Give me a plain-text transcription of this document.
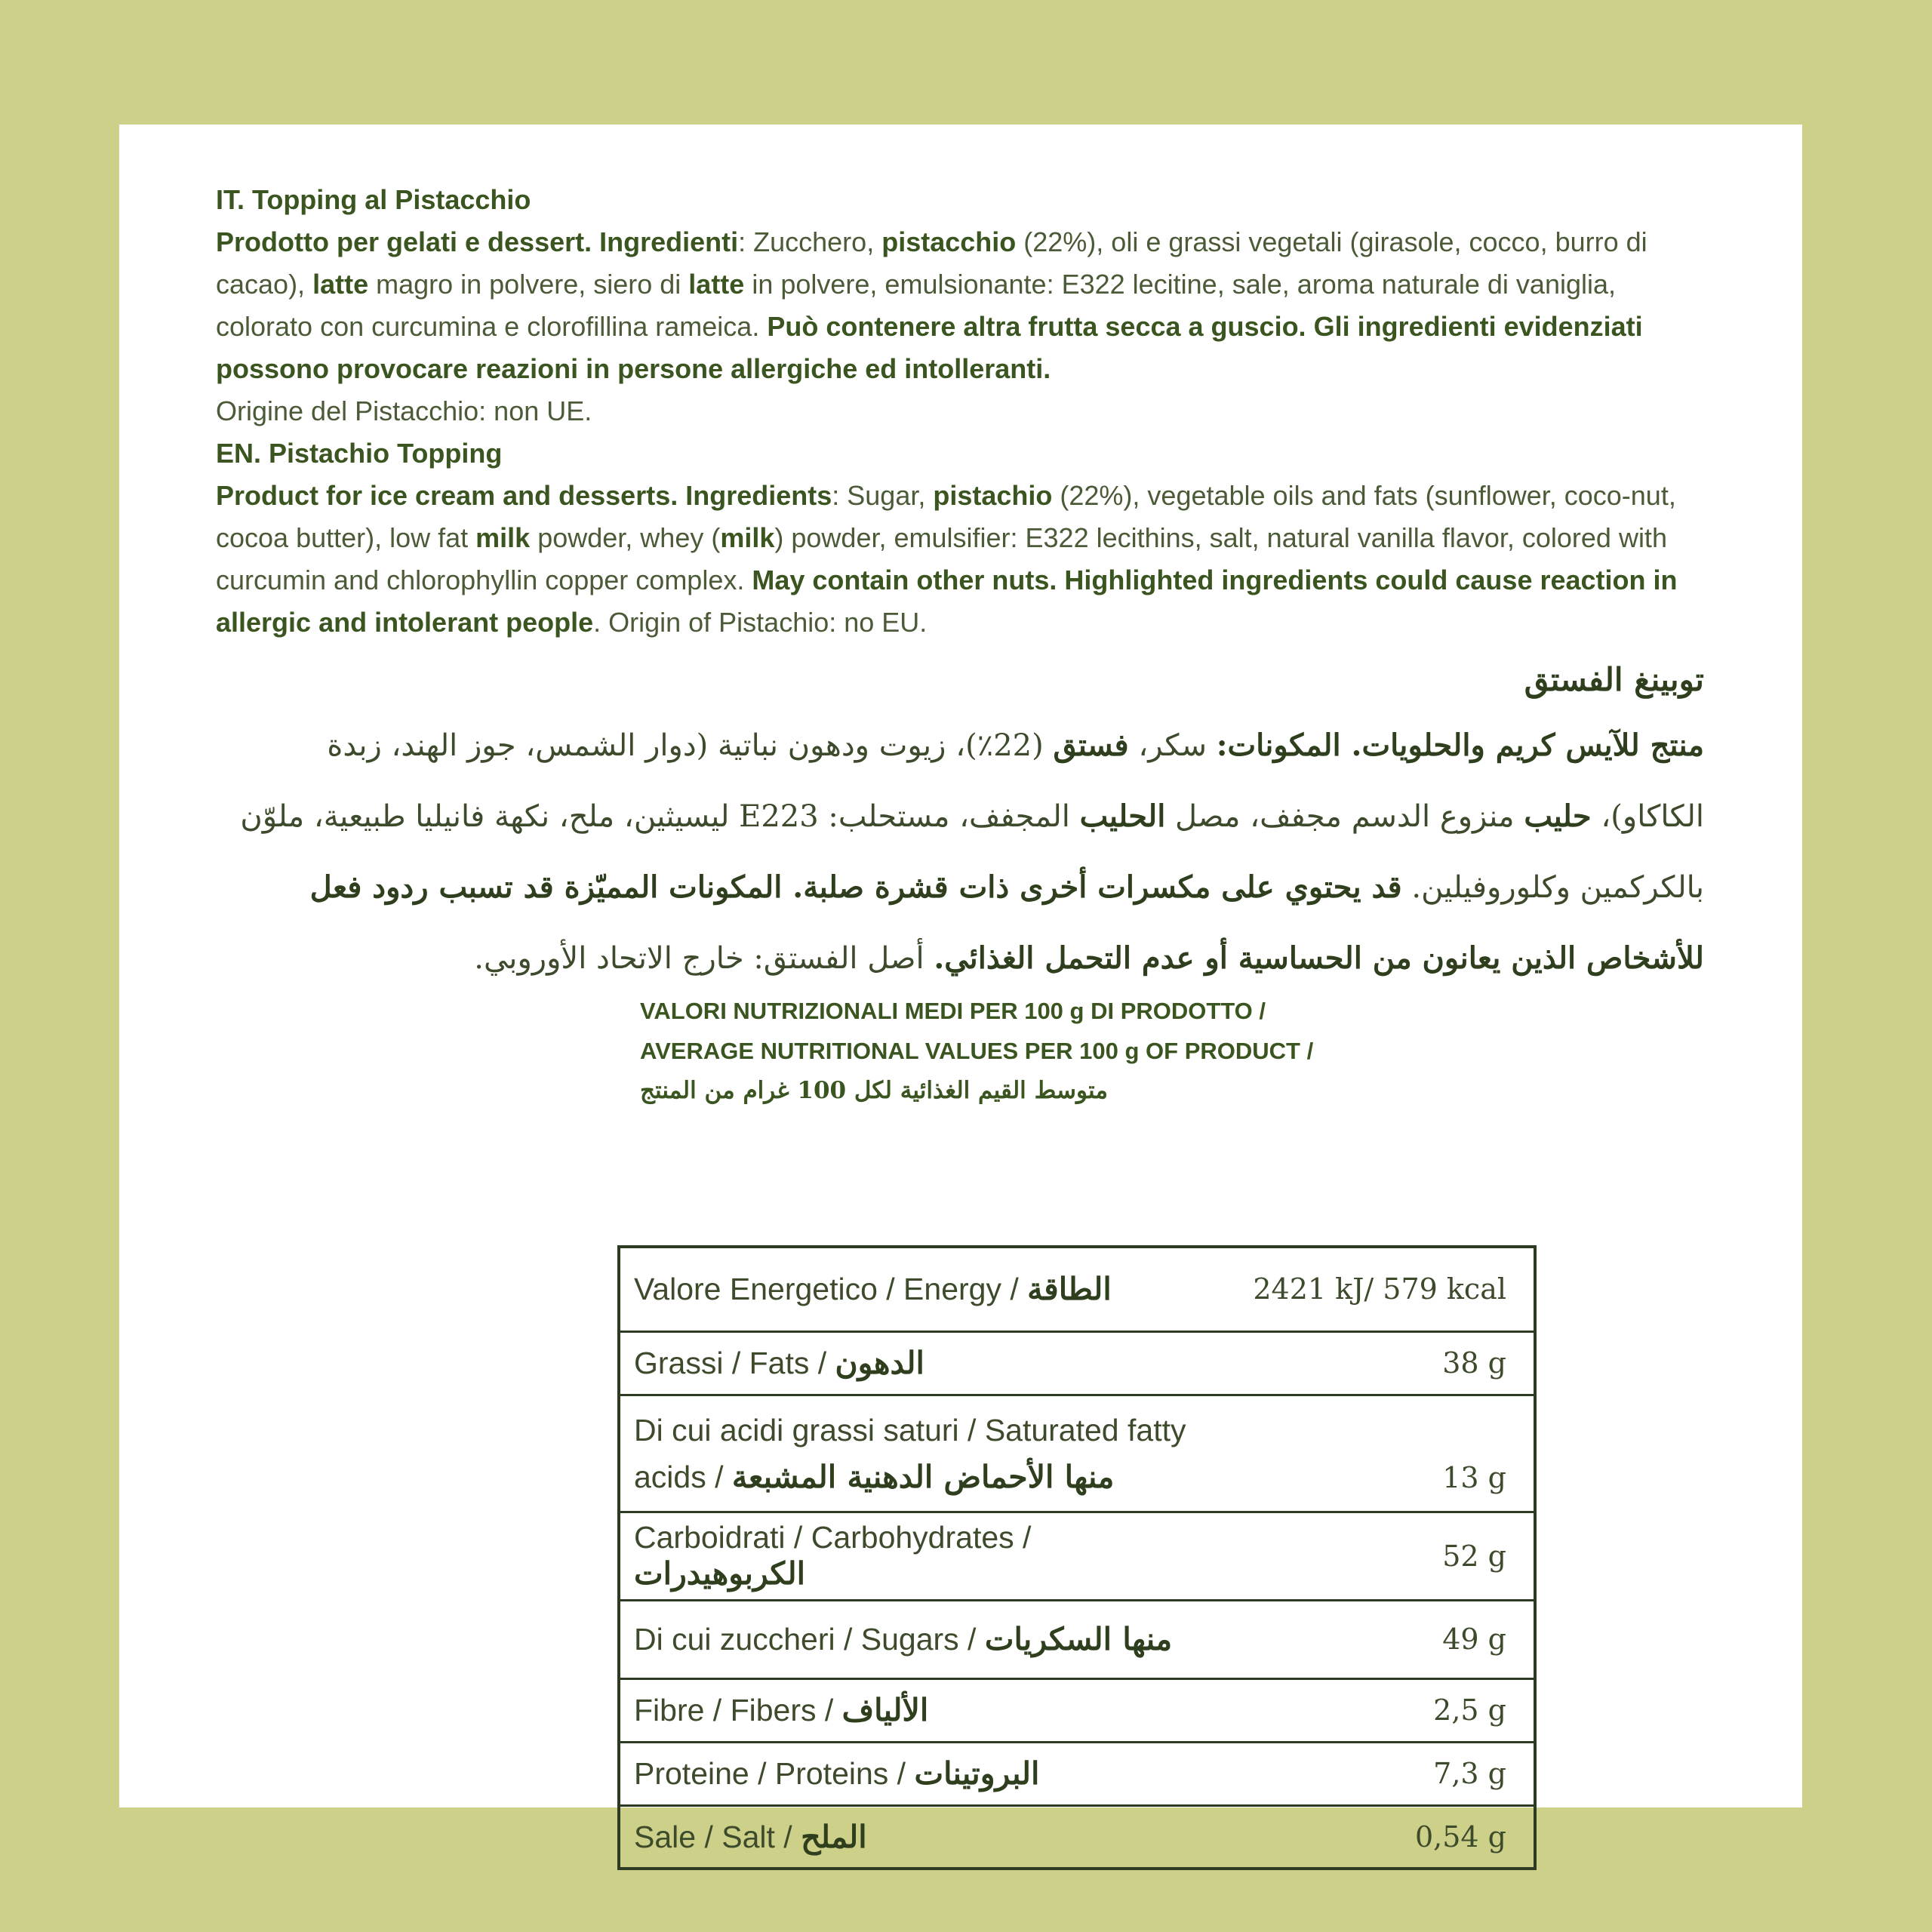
IT. Topping al Pistacchio
Prodotto per gelati e dessert. Ingredienti: Zucchero, pistacchio (22%), oli e grassi vegetali (girasole, cocco, burro di cacao), latte magro in polvere, siero di latte in polvere, emulsionante: E322 lecitine, sale, aroma naturale di vaniglia, colorato con curcumina e clorofillina rameica. Può contenere altra frutta secca a guscio. Gli ingredienti evidenziati possono provocare reazioni in persone allergiche ed intolleranti.
Origine del Pistacchio: non UE.
EN. Pistachio Topping
Product for ice cream and desserts. Ingredients: Sugar, pistachio (22%), vegetable oils and fats (sunflower, coco-nut, cocoa butter), low fat milk powder, whey (milk) powder, emulsifier: E322 lecithins, salt, natural vanilla flavor, colored with curcumin and chlorophyllin copper complex. May contain other nuts. Highlighted ingredients could cause reaction in allergic and intolerant people. Origin of Pistachio: no EU.
توبينغ الفستق
منتج للآيس كريم والحلويات. المكونات: سكر، فستق (22٪)، زيوت ودهون نباتية (دوار الشمس، جوز الهند، زبدة الكاكاو)، حليب منزوع الدسم مجفف، مصل الحليب المجفف، مستحلب: E223 ليسيثين، ملح، نكهة فانيليا طبيعية، ملوّن بالكركمين وكلوروفيلين. قد يحتوي على مكسرات أخرى ذات قشرة صلبة. المكونات المميّزة قد تسبب ردود فعل للأشخاص الذين يعانون من الحساسية أو عدم التحمل الغذائي. أصل الفستق: خارج الاتحاد الأوروبي.
VALORI NUTRIZIONALI MEDI PER 100 g DI PRODOTTO /
AVERAGE NUTRITIONAL VALUES PER 100 g OF PRODUCT /
متوسط القيم الغذائية لكل 100 غرام من المنتج
Valore Energetico / Energy / الطاقة	2421 kJ/ 579 kcal
Grassi / Fats / الدهون	38 g
Di cui acidi grassi saturi / Saturated fatty acids / منها الأحماض الدهنية المشبعة	13 g
Carboidrati / Carbohydrates / الكربوهيدرات	52 g
Di cui zuccheri / Sugars / منها السكريات	49 g
Fibre / Fibers / الألياف	2,5 g
Proteine / Proteins / البروتينات	7,3 g
Sale / Salt / الملح	0,54 g
